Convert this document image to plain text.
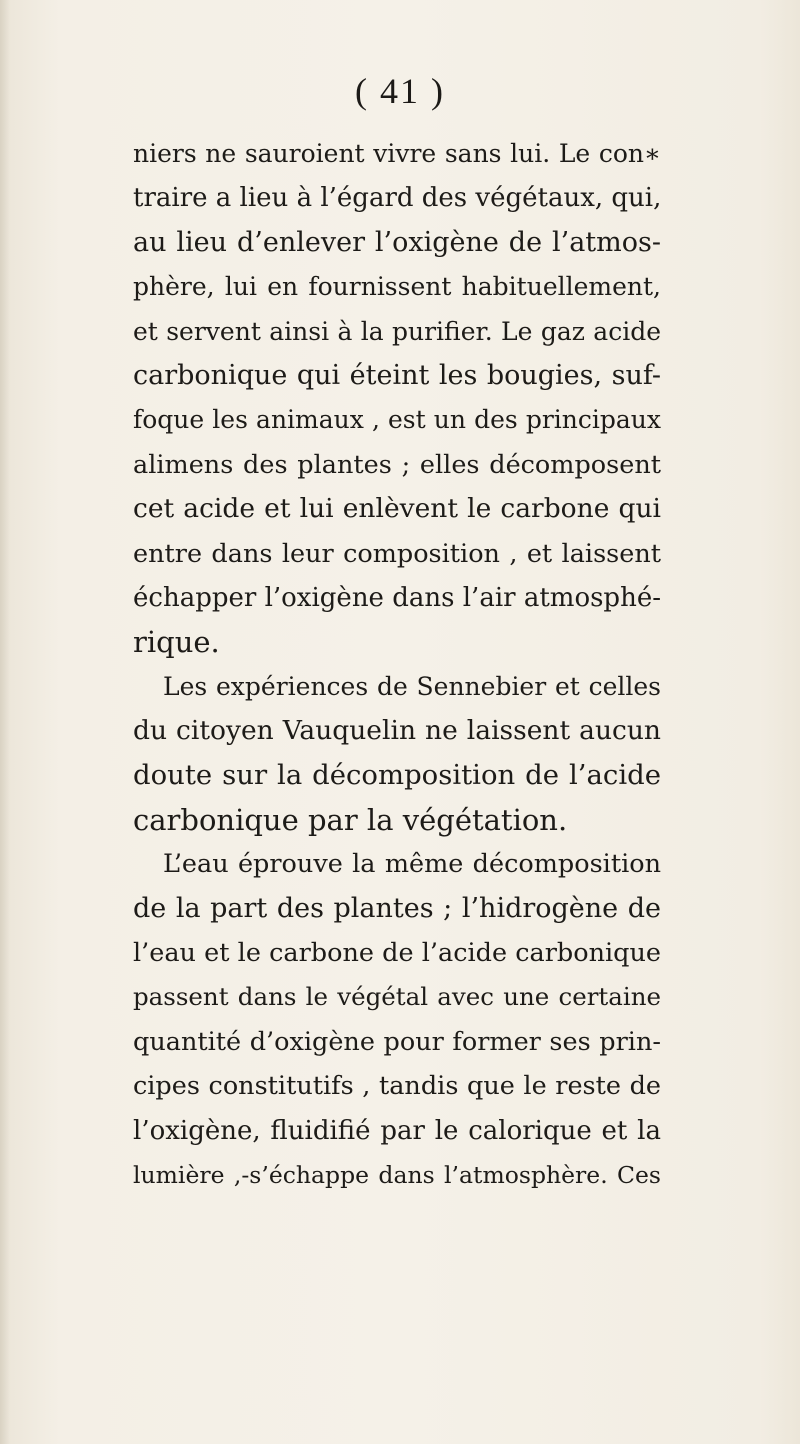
( 41 )
niers ne sauroient vivre sans lui. Le con∗
traire a lieu à l’égard des végétaux, qui,
au lieu d’enlever l’oxigène de l’atmos-
phère, lui en fournissent habituellement,
et servent ainsi à la purifier. Le gaz acide
carbonique qui éteint les bougies, suf-
foque les animaux , est un des principaux
alimens des plantes ; elles décomposent
cet acide et lui enlèvent le carbone qui
entre dans leur composition , et laissent
échapper l’oxigène dans l’air atmosphé-
rique.
Les expériences de Sennebier et celles
du citoyen Vauquelin ne laissent aucun
doute sur la décomposition de l’acide
carbonique par la végétation.
L’eau éprouve la même décomposition
de la part des plantes ; l’hidrogène de
l’eau et le carbone de l’acide carbonique
passent dans le végétal avec une certaine
quantité d’oxigène pour former ses prin-
cipes constitutifs , tandis que le reste de
l’oxigène, fluidifié par le calorique et la
lumière ,-s’échappe dans l’atmosphère. Ces
